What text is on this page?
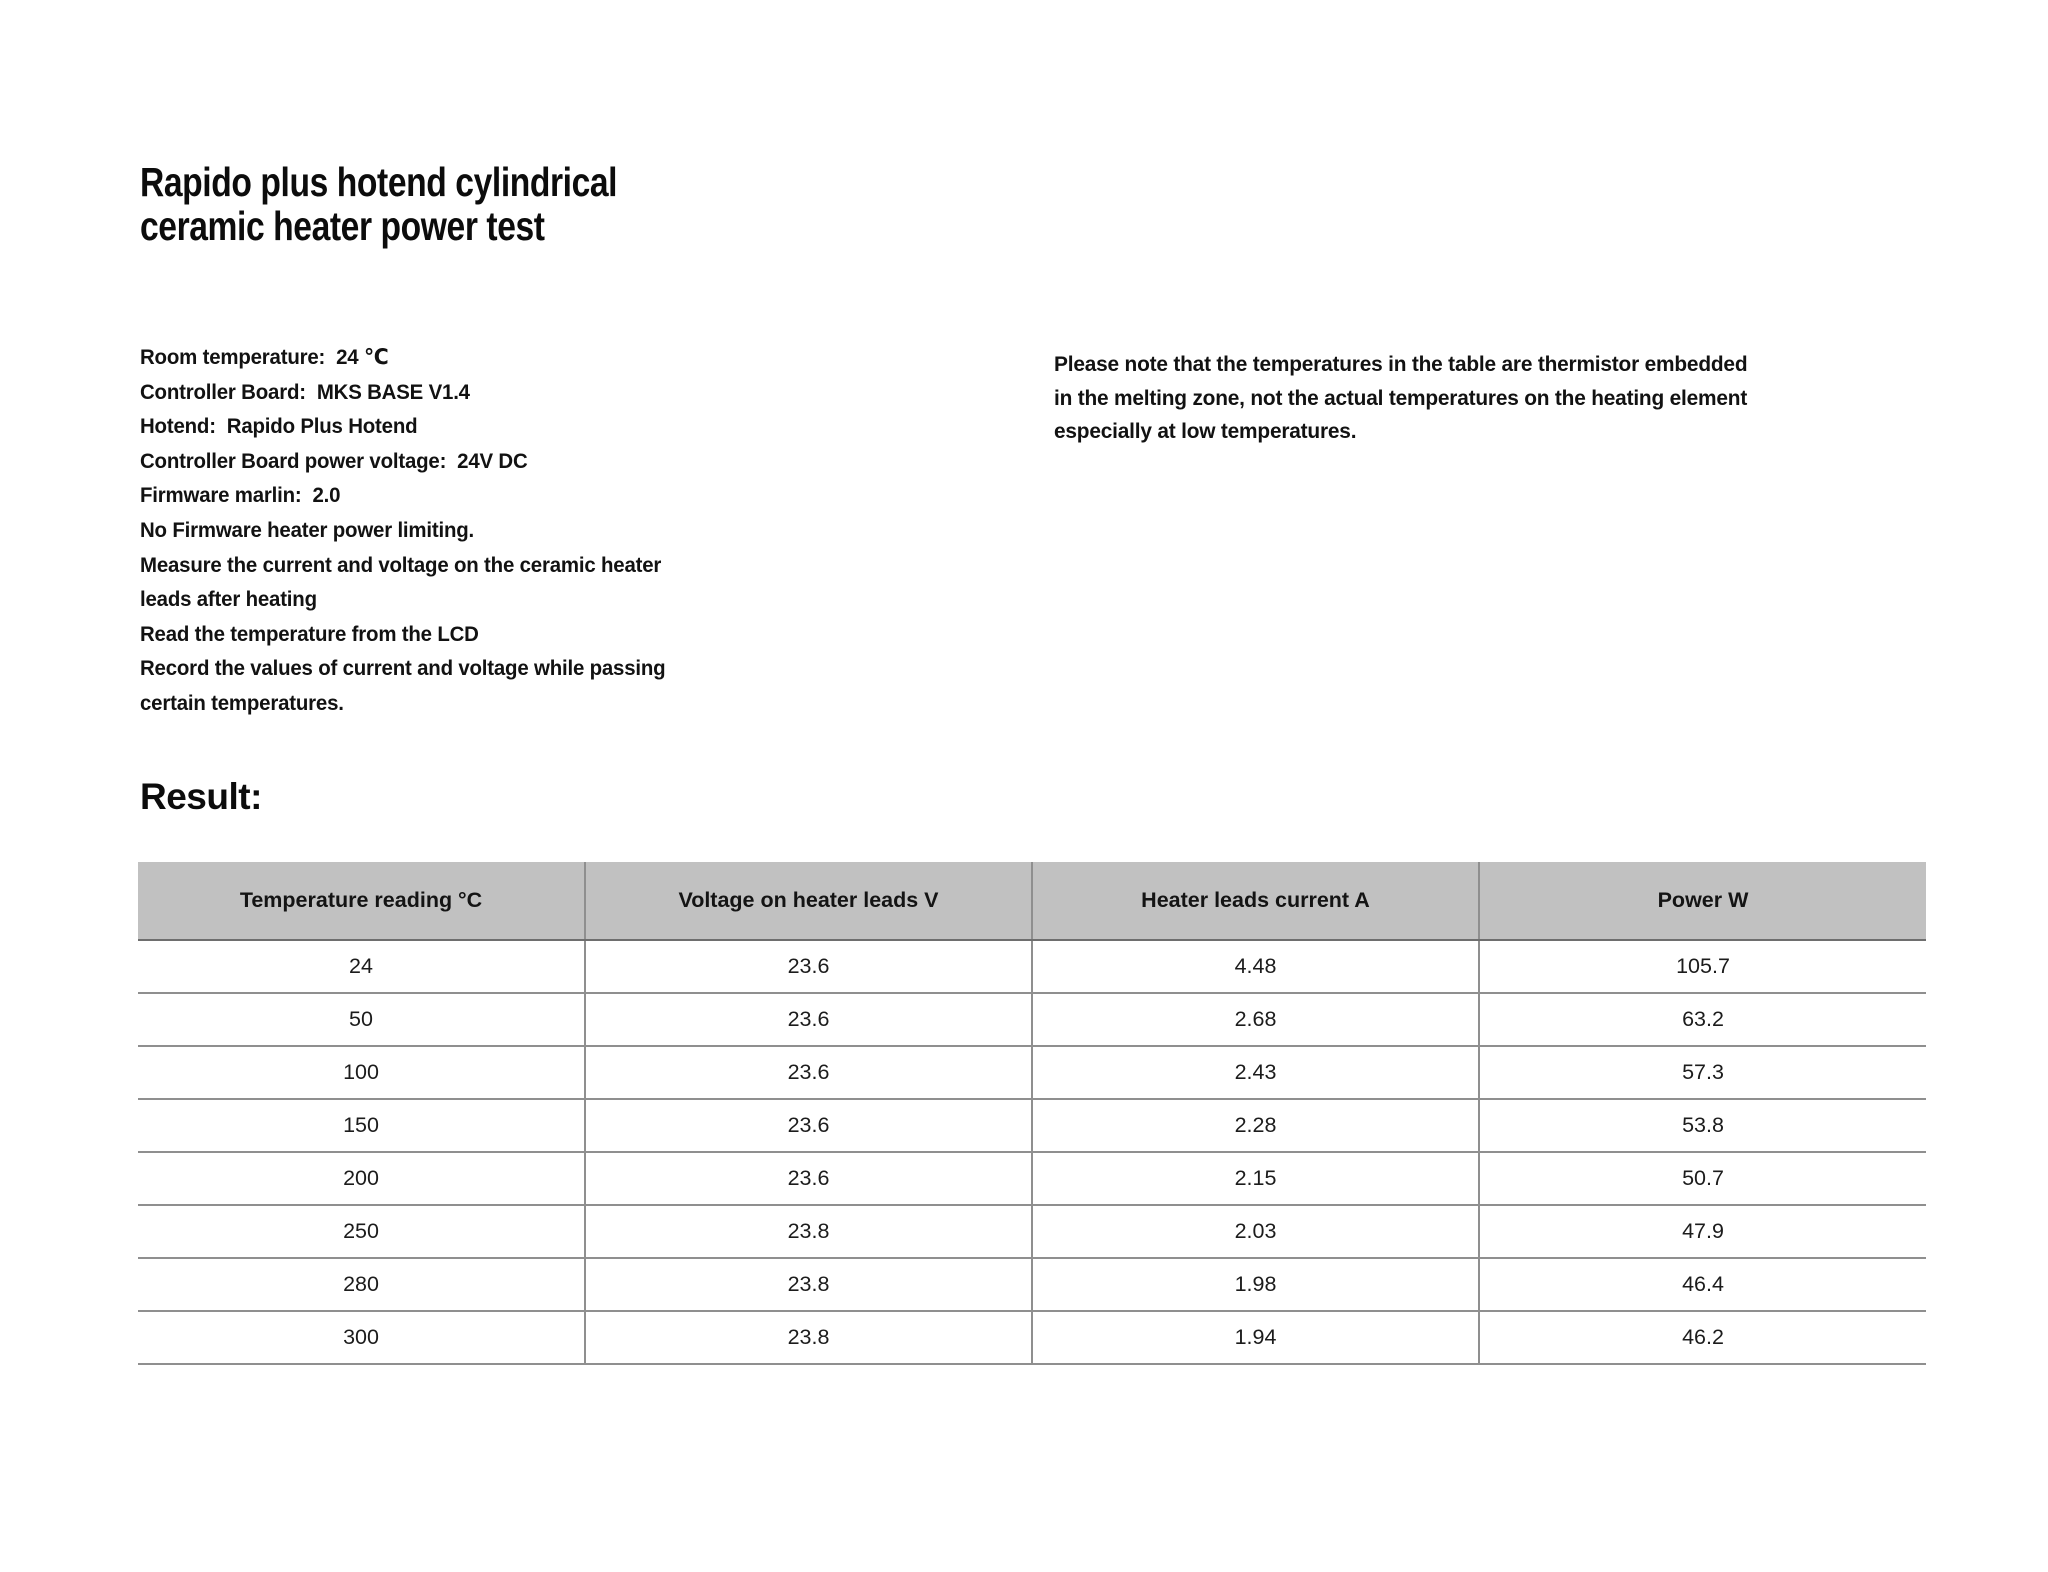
Rapido plus hotend cylindrical
ceramic heater power test
Room temperature:  24 ℃
Controller Board:  MKS BASE V1.4
Hotend:  Rapido Plus Hotend
Controller Board power voltage:  24V DC
Firmware marlin:  2.0
No Firmware heater power limiting.
Measure the current and voltage on the ceramic heater
leads after heating
Read the temperature from the LCD
Record the values of current and voltage while passing
certain temperatures.
Please note that the temperatures in the table are thermistor embedded
in the melting zone, not the actual temperatures on the heating element
especially at low temperatures.
Result:
Temperature reading °C	Voltage on heater leads V	Heater leads current A	Power W
24	23.6	4.48	105.7
50	23.6	2.68	63.2
100	23.6	2.43	57.3
150	23.6	2.28	53.8
200	23.6	2.15	50.7
250	23.8	2.03	47.9
280	23.8	1.98	46.4
300	23.8	1.94	46.2
